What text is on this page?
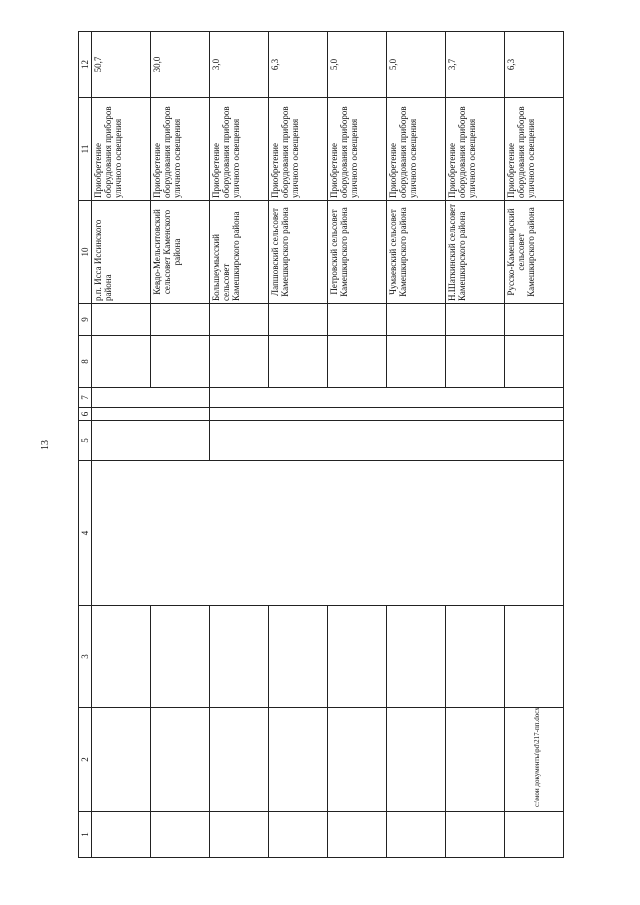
13
1	2	3	4	5	6	7	8	9	10	11	12
									р.п. Исса Иссинского района	Приобретение оборудования приборов уличного освещения	50,7

									Кевдо-Мельситовский сельсовет Каменского района	Приобретение оборудования приборов уличного освещения	30,0
									Большеумысский сельсовет Камешкирского района	Приобретение оборудования приборов уличного освещения	3,0

									Лапшовский сельсовет Камешкирского района	Приобретение оборудования приборов уличного освещения	6,3

									Петровский сельсовет Камешкирского района	Приобретение оборудования приборов уличного освещения	5,0

									Чумаевский сельсовет Камешкирского района	Приобретение оборудования приборов уличного освещения	5,0
									Н.Шаткинский сельсовет Камешкирского района	Приобретение оборудования приборов уличного освещения	3,7

									Русско-Камешкирский сельсовет Камешкирского района	Приобретение оборудования приборов уличного освещения	6,3
c:\мои документы\pd\217-пп.docx
